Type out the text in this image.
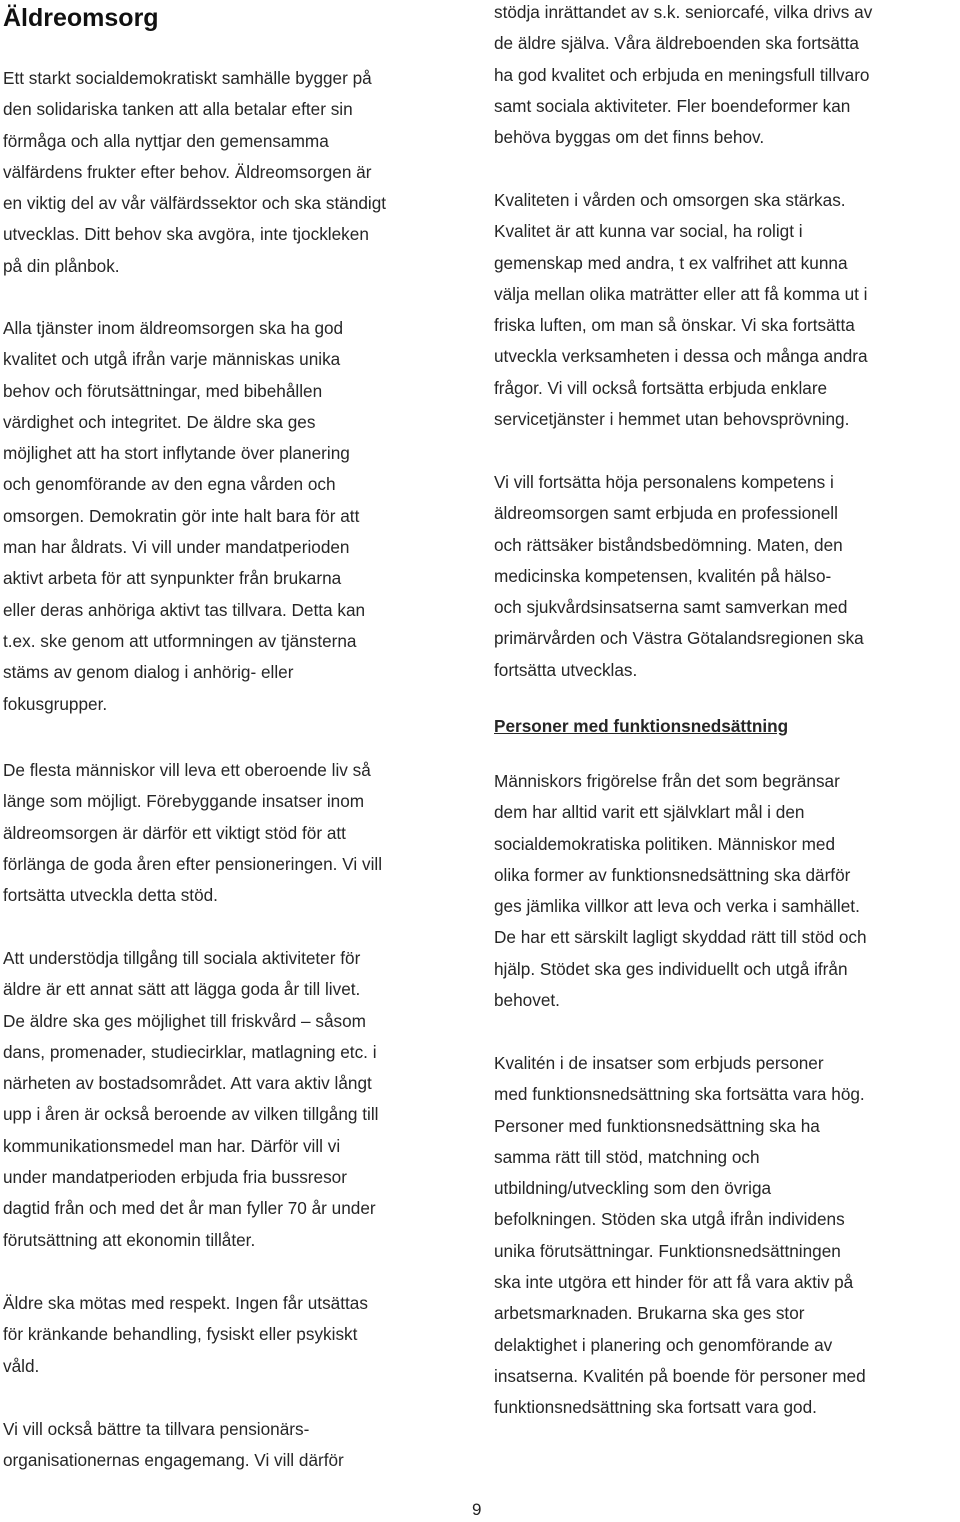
Äldreomsorg

Ett starkt socialdemokratiskt samhälle bygger på
den solidariska tanken att alla betalar efter sin
förmåga och alla nyttjar den gemensamma
välfärdens frukter efter behov. Äldreomsorgen är
en viktig del av vår välfärdssektor och ska ständigt
utvecklas. Ditt behov ska avgöra, inte tjockleken
på din plånbok.

Alla tjänster inom äldreomsorgen ska ha god
kvalitet och utgå ifrån varje människas unika
behov och förutsättningar, med bibehållen
värdighet och integritet. De äldre ska ges
möjlighet att ha stort inflytande över planering
och genomförande av den egna vården och
omsorgen. Demokratin gör inte halt bara för att
man har åldrats. Vi vill under mandatperioden
aktivt arbeta för att synpunkter från brukarna
eller deras anhöriga aktivt tas tillvara. Detta kan
t.ex. ske genom att utformningen av tjänsterna
stäms av genom dialog i anhörig- eller
fokusgrupper.

De flesta människor vill leva ett oberoende liv så
länge som möjligt. Förebyggande insatser inom
äldreomsorgen är därför ett viktigt stöd för att
förlänga de goda åren efter pensioneringen. Vi vill
fortsätta utveckla detta stöd.

Att understödja tillgång till sociala aktiviteter för
äldre är ett annat sätt att lägga goda år till livet.
De äldre ska ges möjlighet till friskvård – såsom
dans, promenader, studiecirklar, matlagning etc. i
närheten av bostadsområdet. Att vara aktiv långt
upp i åren är också beroende av vilken tillgång till
kommunikationsmedel man har. Därför vill vi
under mandatperioden erbjuda fria bussresor
dagtid från och med det år man fyller 70 år under
förutsättning att ekonomin tillåter.

Äldre ska mötas med respekt. Ingen får utsättas
för kränkande behandling, fysiskt eller psykiskt
våld.

Vi vill också bättre ta tillvara pensionärs-
organisationernas engagemang. Vi vill därför

stödja inrättandet av s.k. seniorcafé, vilka drivs av
de äldre själva. Våra äldreboenden ska fortsätta
ha god kvalitet och erbjuda en meningsfull tillvaro
samt sociala aktiviteter. Fler boendeformer kan
behöva byggas om det finns behov.

Kvaliteten i vården och omsorgen ska stärkas.
Kvalitet är att kunna var social, ha roligt i
gemenskap med andra, t ex valfrihet att kunna
välja mellan olika maträtter eller att få komma ut i
friska luften, om man så önskar. Vi ska fortsätta
utveckla verksamheten i dessa och många andra
frågor. Vi vill också fortsätta erbjuda enklare
servicetjänster i hemmet utan behovsprövning.

Vi vill fortsätta höja personalens kompetens i
äldreomsorgen samt erbjuda en professionell
och rättsäker biståndsbedömning. Maten, den
medicinska kompetensen, kvalitén på hälso-
och sjukvårdsinsatserna samt samverkan med
primärvården och Västra Götalandsregionen ska
fortsätta utvecklas.

Personer med funktionsnedsättning

Människors frigörelse från det som begränsar
dem har alltid varit ett självklart mål i den
socialdemokratiska politiken. Människor med
olika former av funktionsnedsättning ska därför
ges jämlika villkor att leva och verka i samhället.
De har ett särskilt lagligt skyddad rätt till stöd och
hjälp. Stödet ska ges individuellt och utgå ifrån
behovet.

Kvalitén i de insatser som erbjuds personer
med funktionsnedsättning ska fortsätta vara hög.
Personer med funktionsnedsättning ska ha
samma rätt till stöd, matchning och
utbildning/utveckling som den övriga
befolkningen. Stöden ska utgå ifrån individens
unika förutsättningar. Funktionsnedsättningen
ska inte utgöra ett hinder för att få vara aktiv på
arbetsmarknaden. Brukarna ska ges stor
delaktighet i planering och genomförande av
insatserna. Kvalitén på boende för personer med
funktionsnedsättning ska fortsatt vara god.

9
